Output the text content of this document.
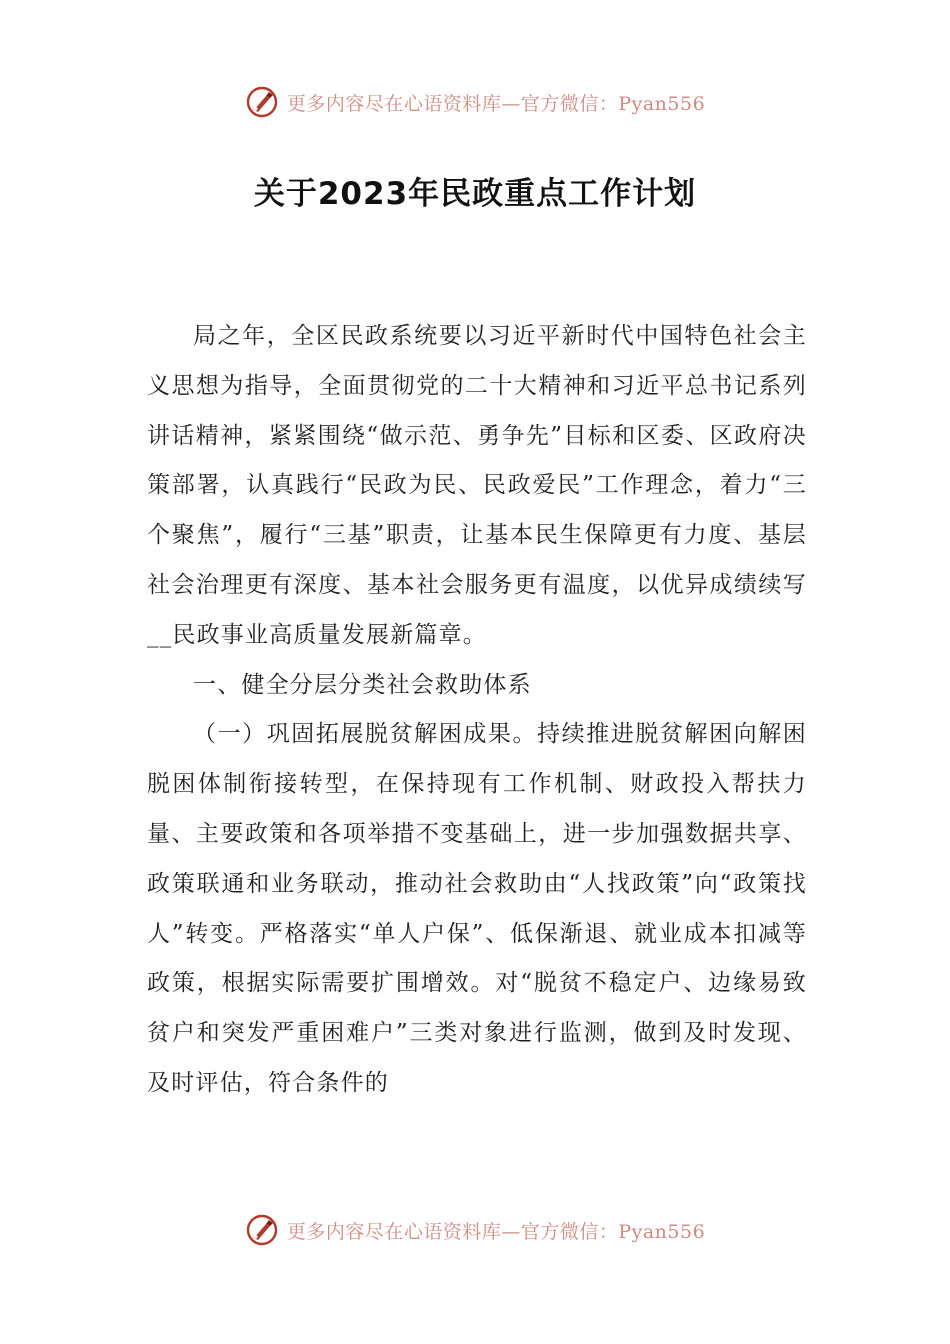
更多内容尽在心语资料库—官方微信：Pyan556
关于2023年民政重点工作计划

局之年，全区民政系统要以习近平新时代中国特色社会主义思想为指导，全面贯彻党的二十大精神和习近平总书记系列讲话精神，紧紧围绕“做示范、勇争先”目标和区委、区政府决策部署，认真践行“民政为民、民政爱民”工作理念，着力“三个聚焦”，履行“三基”职责，让基本民生保障更有力度、基层社会治理更有深度、基本社会服务更有温度，以优异成绩续写__民政事业高质量发展新篇章。

一、健全分层分类社会救助体系

（一）巩固拓展脱贫解困成果。持续推进脱贫解困向解困脱困体制衔接转型，在保持现有工作机制、财政投入帮扶力量、主要政策和各项举措不变基础上，进一步加强数据共享、政策联通和业务联动，推动社会救助由“人找政策”向“政策找人”转变。严格落实“单人户保”、低保渐退、就业成本扣减等政策，根据实际需要扩围增效。对“脱贫不稳定户、边缘易致贫户和突发严重困难户”三类对象进行监测，做到及时发现、及时评估，符合条件的

更多内容尽在心语资料库—官方微信：Pyan556
